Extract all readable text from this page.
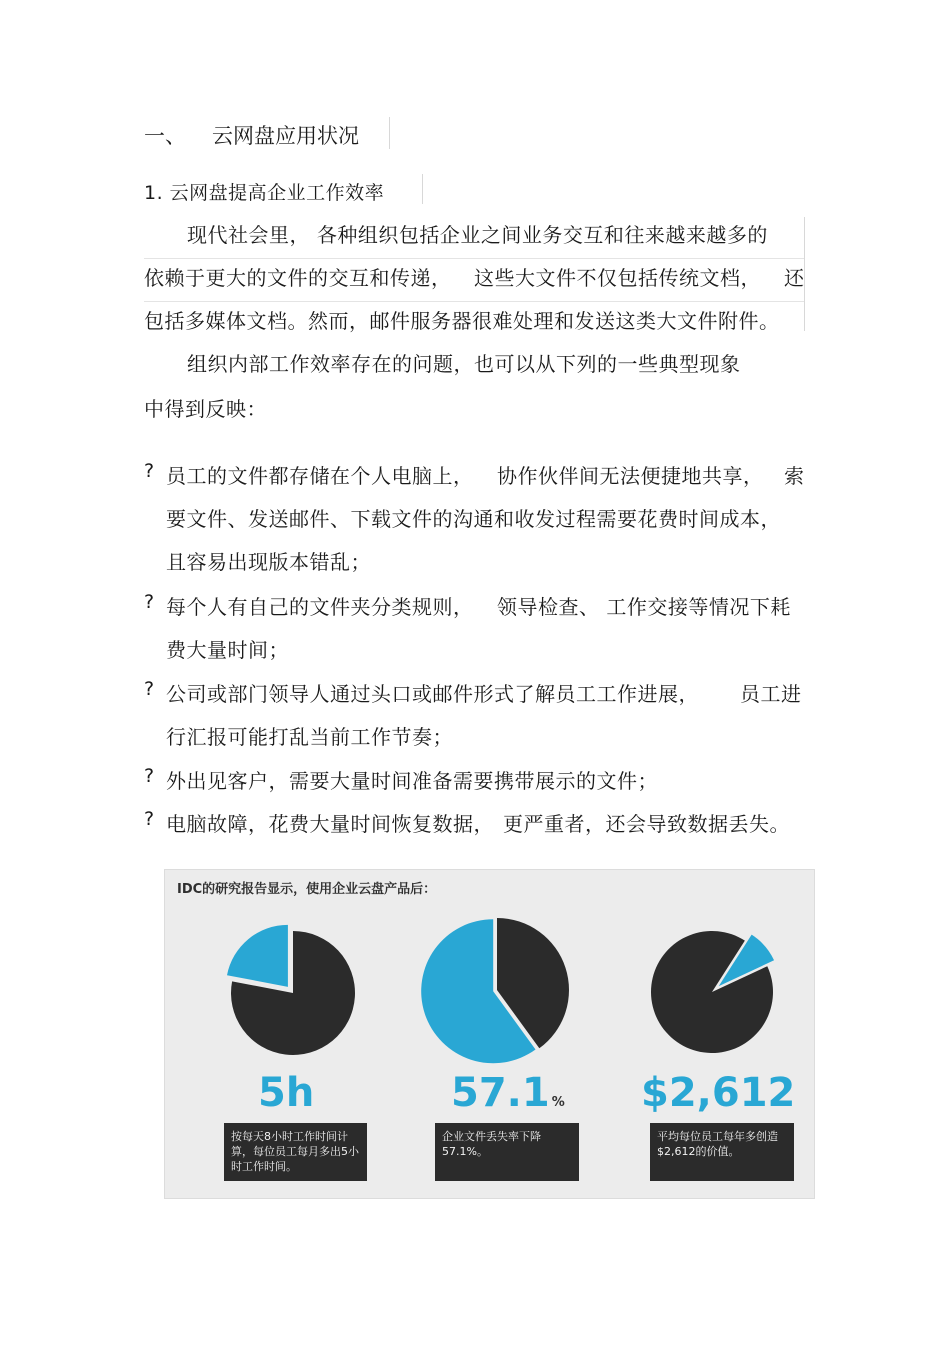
一、 云网盘应用状况
1. 云网盘提高企业工作效率
现代社会里， 各种组织包括企业之间业务交互和往来越来越多的
依赖于更大的文件的交互和传递， 这些大文件不仅包括传统文档， 还
包括多媒体文档。然而，邮件服务器很难处理和发送这类大文件附件。
组织内部工作效率存在的问题，也可以从下列的一些典型现象
中得到反映：
? 员工的文件都存储在个人电脑上， 协作伙伴间无法便捷地共享， 索
要文件、发送邮件、下载文件的沟通和收发过程需要花费时间成本，
且容易出现版本错乱；
? 每个人有自己的文件夹分类规则， 领导检查、 工作交接等情况下耗
费大量时间；
? 公司或部门领导人通过头口或邮件形式了解员工工作进展， 员工进
行汇报可能打乱当前工作节奏；
? 外出见客户，需要大量时间准备需要携带展示的文件；
? 电脑故障，花费大量时间恢复数据， 更严重者，还会导致数据丢失。
IDC的研究报告显示，使用企业云盘产品后：
5h	57.1 % $2,612
按每天8小时工作时间计算，每位员工每月多出5小时工作时间。
企业文件丢失率下降57.1%。
平均每位员工每年多创造$2,612的价值。
